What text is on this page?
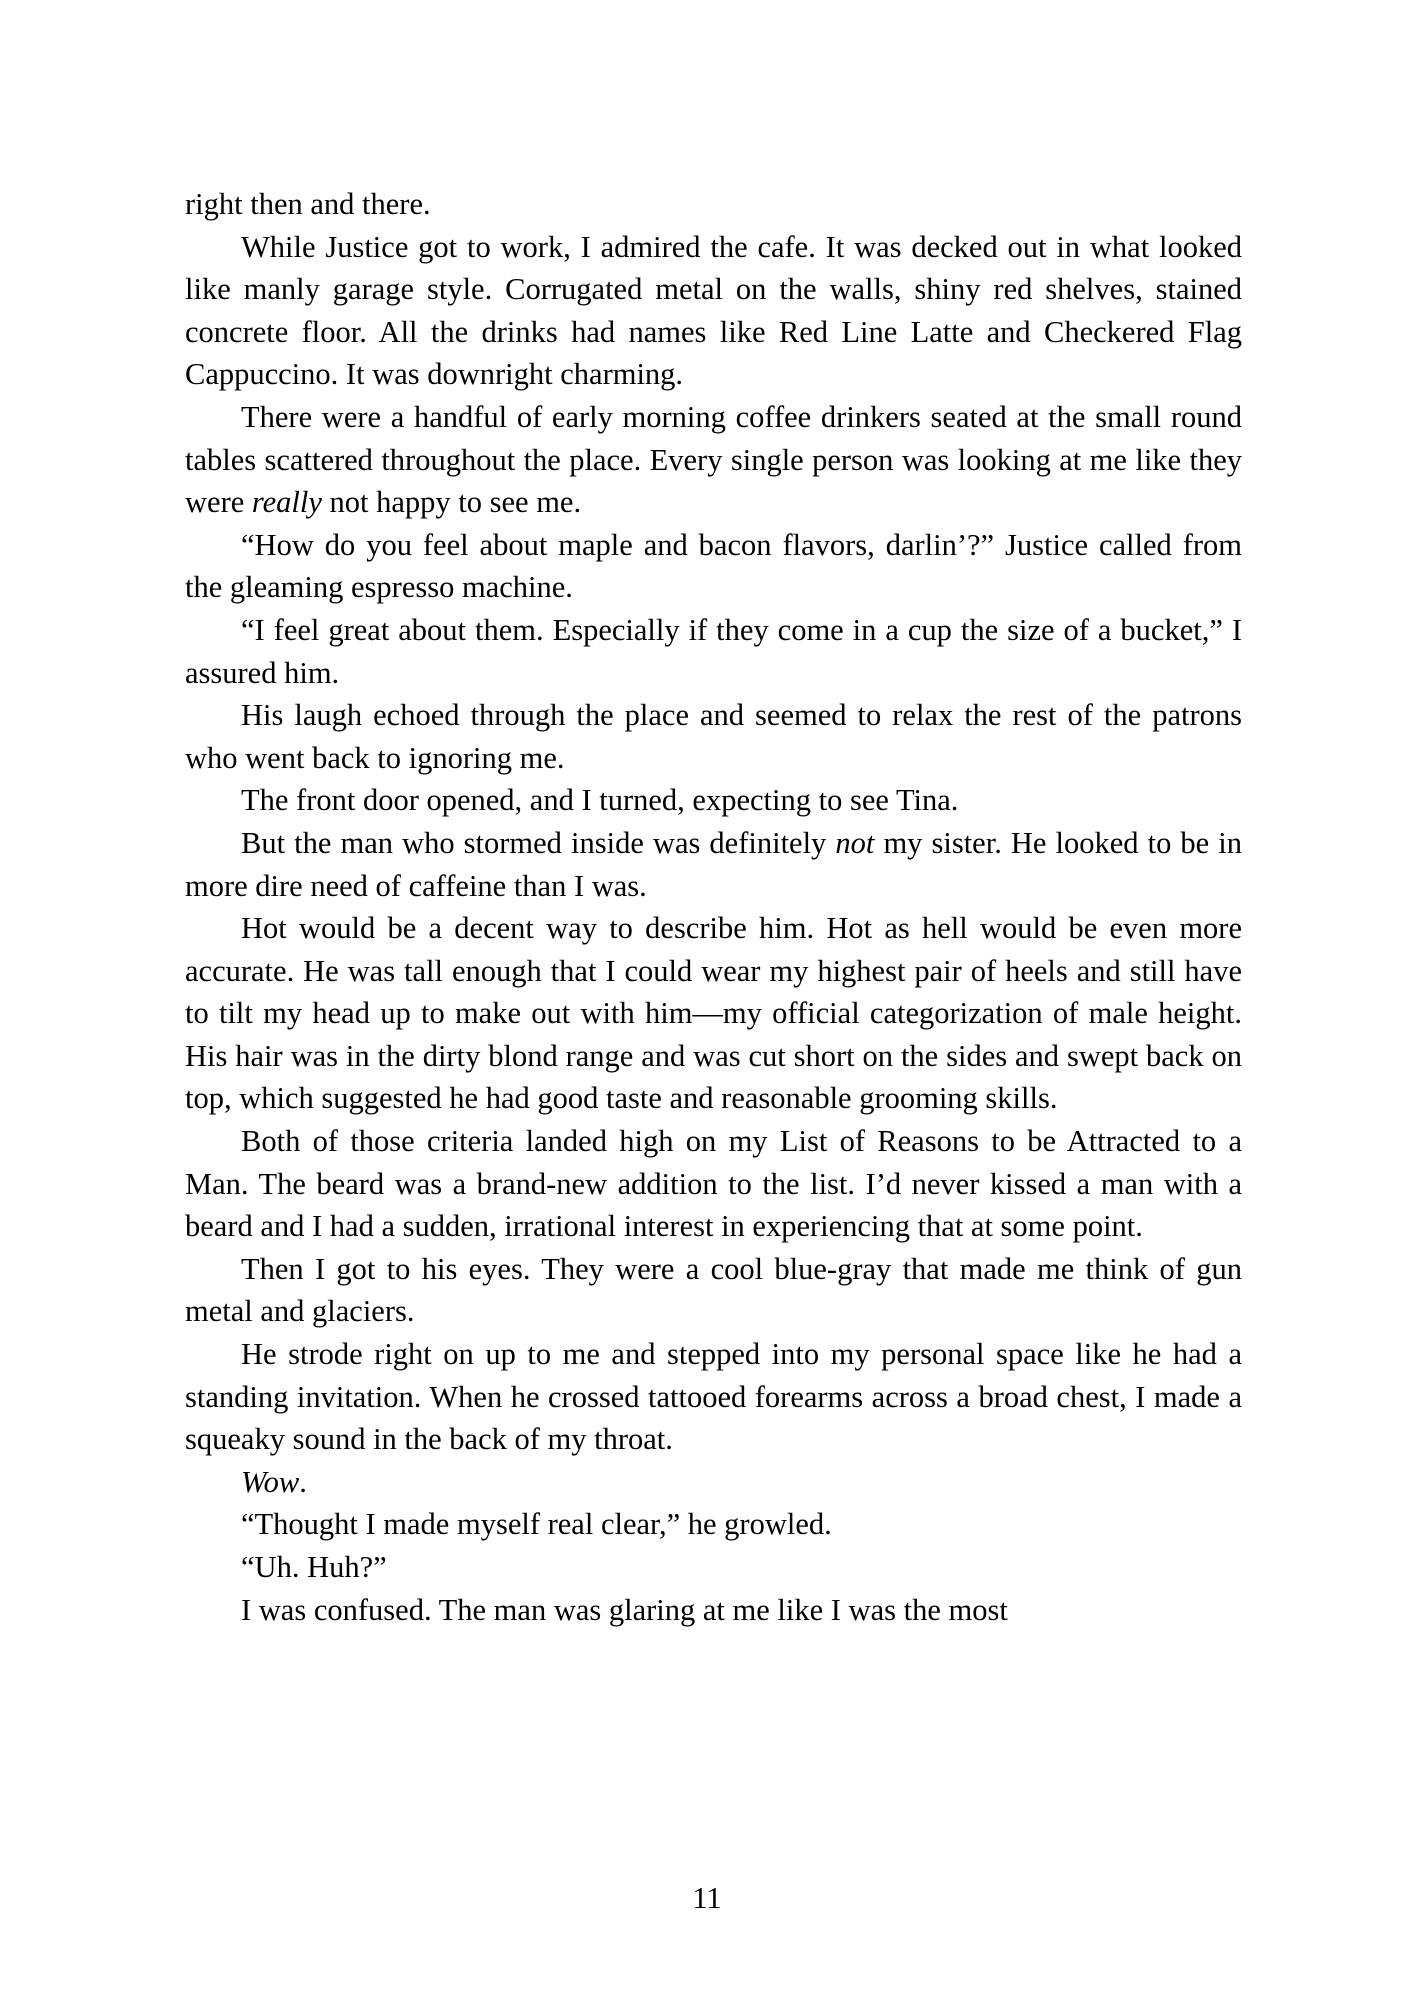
right then and there.

While Justice got to work, I admired the cafe. It was decked out in what looked like manly garage style. Corrugated metal on the walls, shiny red shelves, stained concrete floor. All the drinks had names like Red Line Latte and Checkered Flag Cappuccino. It was downright charming.

There were a handful of early morning coffee drinkers seated at the small round tables scattered throughout the place. Every single person was looking at me like they were really not happy to see me.

“How do you feel about maple and bacon flavors, darlin’?” Justice called from the gleaming espresso machine.

“I feel great about them. Especially if they come in a cup the size of a bucket,” I assured him.

His laugh echoed through the place and seemed to relax the rest of the patrons who went back to ignoring me.

The front door opened, and I turned, expecting to see Tina.

But the man who stormed inside was definitely not my sister. He looked to be in more dire need of caffeine than I was.

Hot would be a decent way to describe him. Hot as hell would be even more accurate. He was tall enough that I could wear my highest pair of heels and still have to tilt my head up to make out with him—my official categorization of male height. His hair was in the dirty blond range and was cut short on the sides and swept back on top, which suggested he had good taste and reasonable grooming skills.

Both of those criteria landed high on my List of Reasons to be Attracted to a Man. The beard was a brand-new addition to the list. I’d never kissed a man with a beard and I had a sudden, irrational interest in experiencing that at some point.

Then I got to his eyes. They were a cool blue-gray that made me think of gun metal and glaciers.

He strode right on up to me and stepped into my personal space like he had a standing invitation. When he crossed tattooed forearms across a broad chest, I made a squeaky sound in the back of my throat.

Wow.

“Thought I made myself real clear,” he growled.

“Uh. Huh?”

I was confused. The man was glaring at me like I was the most

11
